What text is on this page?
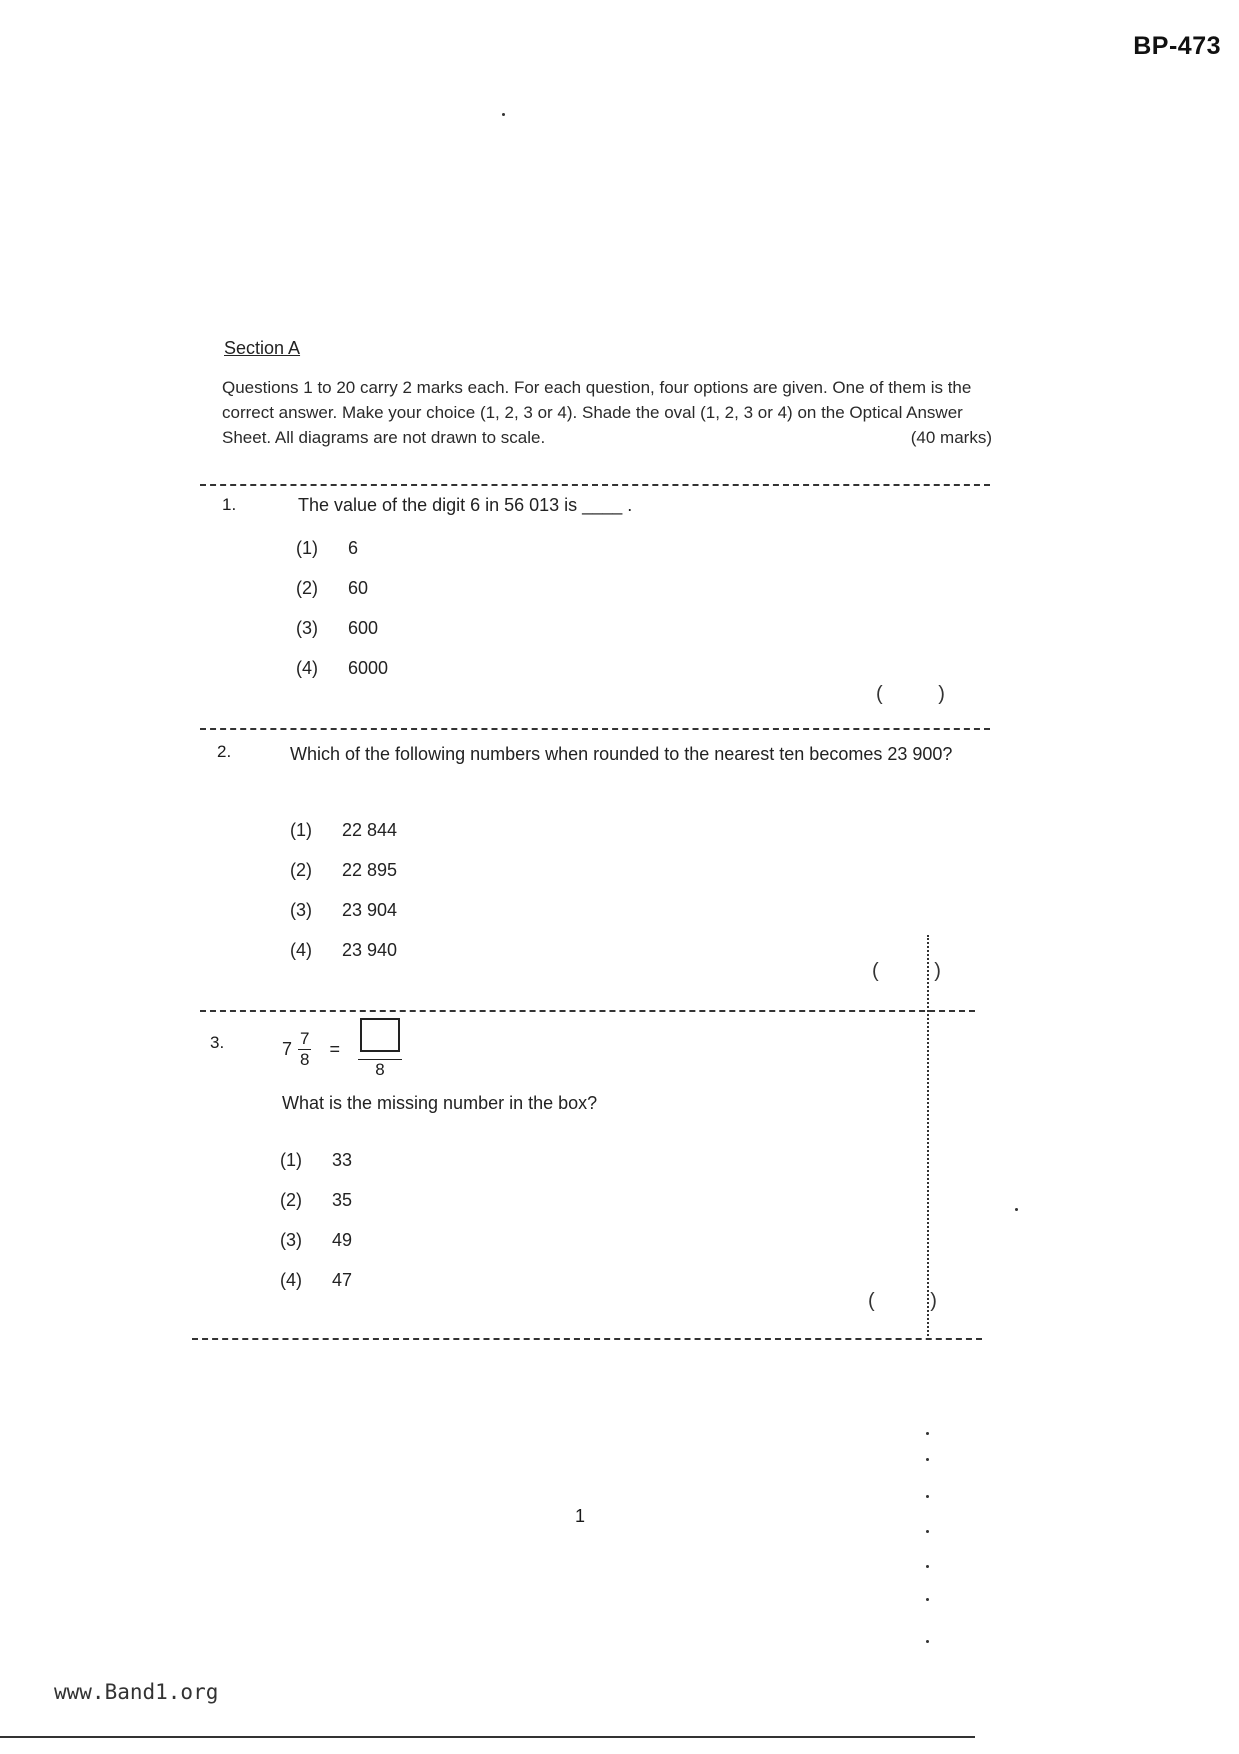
BP-473
Section A
Questions 1 to 20 carry 2 marks each. For each question, four options are given. One of them is the correct answer. Make your choice (1, 2, 3 or 4). Shade the oval (1, 2, 3 or 4) on the Optical Answer Sheet. All diagrams are not drawn to scale.	(40 marks)
1.	The value of the digit 6 in 56 013 is ____ .
(1) 6
(2) 60
(3) 600
(4) 6000
(          )
2.	Which of the following numbers when rounded to the nearest ten becomes 23 900?
(1) 22 844
(2) 22 895
(3) 23 904
(4) 23 940
(          )
3.	$7 \frac{7}{8}$ =
8
What is the missing number in the box?
(1) 33
(2) 35
(3) 49
(4) 47
(          )
1
www.Band1.org
